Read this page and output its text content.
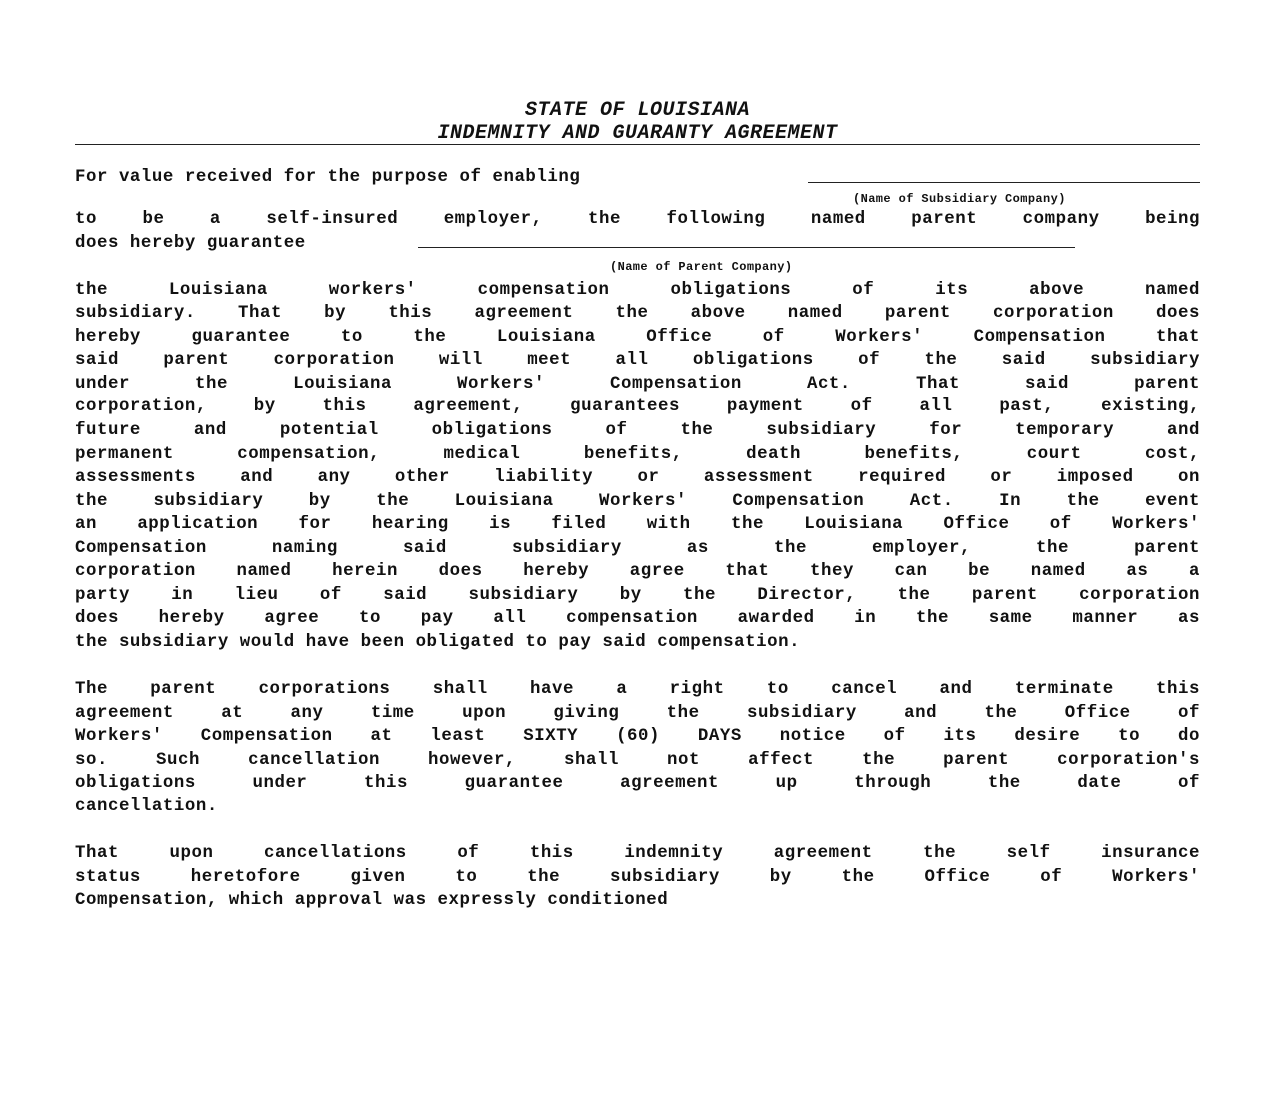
STATE OF LOUISIANA
INDEMNITY AND GUARANTY AGREEMENT
For value received for the purpose of enabling
(Name of Subsidiary Company)
to be a self-insured employer, the following named parent company being
does hereby guarantee
(Name of Parent Company)
the Louisiana workers' compensation obligations of its above named
subsidiary. That by this agreement the above named parent corporation does
hereby guarantee to the Louisiana Office of Workers' Compensation that
said parent corporation will meet all obligations of the said subsidiary
under the Louisiana Workers' Compensation Act. That said parent
corporation, by this agreement, guarantees payment of all past, existing,
future and potential obligations of the subsidiary for temporary and
permanent compensation, medical benefits, death benefits, court cost,
assessments and any other liability or assessment required or imposed on
the subsidiary by the Louisiana Workers' Compensation Act. In the event
an application for hearing is filed with the Louisiana Office of Workers'
Compensation naming said subsidiary as the employer, the parent
corporation named herein does hereby agree that they can be named as a
party in lieu of said subsidiary by the Director, the parent corporation
does hereby agree to pay all compensation awarded in the same manner as
the subsidiary would have been obligated to pay said compensation.
The parent corporations shall have a right to cancel and terminate this
agreement at any time upon giving the subsidiary and the Office of
Workers' Compensation at least SIXTY (60) DAYS notice of its desire to do
so. Such cancellation however, shall not affect the parent corporation's
obligations under this guarantee agreement up through the date of
cancellation.
That upon cancellations of this indemnity agreement the self insurance
status heretofore given to the subsidiary by the Office of Workers'
Compensation, which approval was expressly conditioned
